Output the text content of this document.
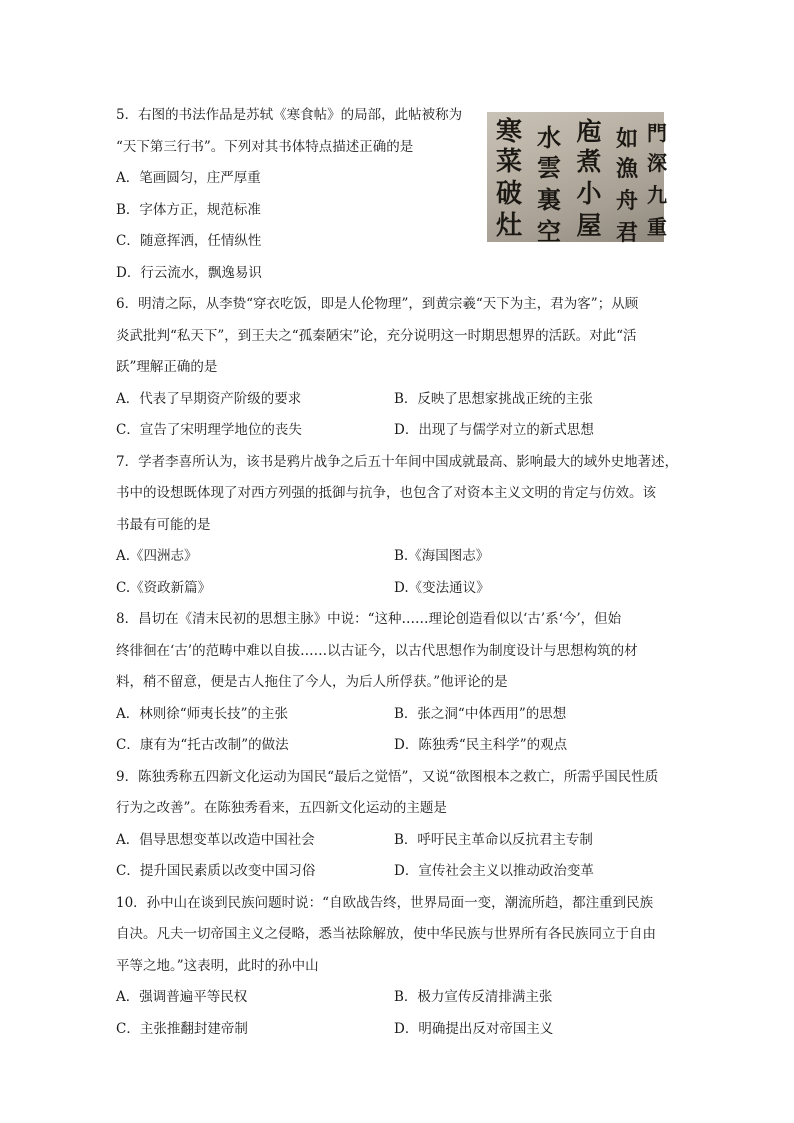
寒
菜
破
灶
水
雲
裏
空
庖
煮
小
屋
如
漁
舟
君
門
深
九
重
5．右图的书法作品是苏轼《寒食帖》的局部，此帖被称为
“天下第三行书”。下列对其书体特点描述正确的是
A．笔画圆匀，庄严厚重
B．字体方正，规范标准
C．随意挥洒，任情纵性
D．行云流水，飘逸易识
6．明清之际，从李贽“穿衣吃饭，即是人伦物理”，到黄宗羲“天下为主，君为客”；从顾
炎武批判“私天下”，到王夫之“孤秦陋宋”论，充分说明这一时期思想界的活跃。对此“活
跃”理解正确的是
A．代表了早期资产阶级的要求	B．反映了思想家挑战正统的主张
C．宣告了宋明理学地位的丧失	D．出现了与儒学对立的新式思想
7．学者李喜所认为，该书是鸦片战争之后五十年间中国成就最高、影响最大的域外史地著述，
书中的设想既体现了对西方列强的抵御与抗争，也包含了对资本主义文明的肯定与仿效。该
书最有可能的是
A.《四洲志》	B.《海国图志》
C.《资政新篇》	D.《变法通议》
8．昌切在《清末民初的思想主脉》中说：“这种……理论创造看似以‘古’系‘今’，但始
终徘徊在‘古’的范畴中难以自拔……以古证今，以古代思想作为制度设计与思想构筑的材
料，稍不留意，便是古人拖住了今人，为后人所俘获。”他评论的是
A．林则徐“师夷长技”的主张	B．张之洞“中体西用”的思想
C．康有为“托古改制”的做法	D．陈独秀“民主科学”的观点
9．陈独秀称五四新文化运动为国民“最后之觉悟”，又说“欲图根本之救亡，所需乎国民性质
行为之改善”。在陈独秀看来，五四新文化运动的主题是
A．倡导思想变革以改造中国社会	B．呼吁民主革命以反抗君主专制
C．提升国民素质以改变中国习俗	D．宣传社会主义以推动政治变革
10．孙中山在谈到民族问题时说：“自欧战告终，世界局面一变，潮流所趋，都注重到民族
自决。凡夫一切帝国主义之侵略，悉当祛除解放，使中华民族与世界所有各民族同立于自由
平等之地。”这表明，此时的孙中山
A．强调普遍平等民权	B．极力宣传反清排满主张
C．主张推翻封建帝制	D．明确提出反对帝国主义
